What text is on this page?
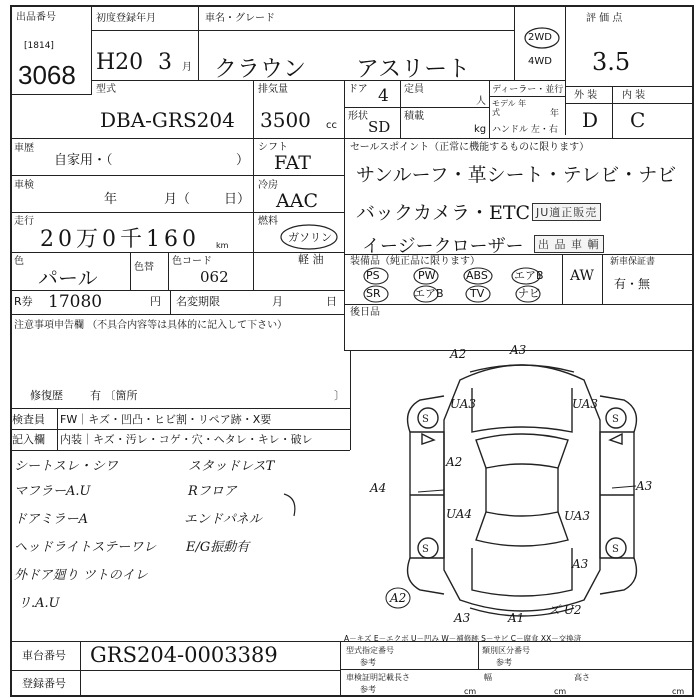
出品番号
[1814]
3068
初度登録年月	車名・グレード
H20 3 月 クラウン アスリート
2WD
4WD
評 価 点
3.5
型式
DBA-GRS204
排気量
3500 cc
ドア 4
形状
SD
定員
人
積載
kg
ディーラー・並行
モデル 年式	年
ハンドル 左・右
外 装 内 装
D C
車歴
自家用・（	）
車検
年	月（	日）
走行
20万0千160 km
色
パール	色替
色コード
062
R券 17080	円 名変期限	月	日
注意事項申告欄 （不具合内容等は具体的に記入して下さい）
修復歴 有 〔箇所	〕
シフト
FAT
冷房
AAC
燃料
ガソリン
軽 油
セールスポイント（正常に機能するものに限ります）
サンルーフ・革シート・テレビ・ナビ
バックカメラ・ETC
イージークローザー
JU適正販売
出 品 車 輌
装備品（純正品に限ります）
AW
新車保証書
有・無
PS	PW	ABS エアB
SR	エアB TV	ナビ
後日品
検査員 FW｜キズ・凹凸・ヒビ割・リペア跡・X要
記入欄 内装｜キズ・汚レ・コゲ・穴・ヘタレ・キレ・破レ
シートスレ・シワ
マフラーA.U
ドアミラーA
ヘッドライトステーワレ
外ドア廻り ツトのイレ
リ.A.U
スタッドレスT
Rフロア
エンドパネル
E/G振動有
S	S
S	S
A2	A3
UA3	UA3
A2
A4	A3
UA4	UA3
A3
A3	A1
ズ U2
A2
A－キズ E－エクボ U－凹み W－補修跡 S－サビ C－腐食 XX－交換済
車台番号 GRS204-0003389
登録番号
型式指定番号
参考
類別区分番号
参考
車検証明記載
参考
長さ
cm
幅
cm
高さ
cm
